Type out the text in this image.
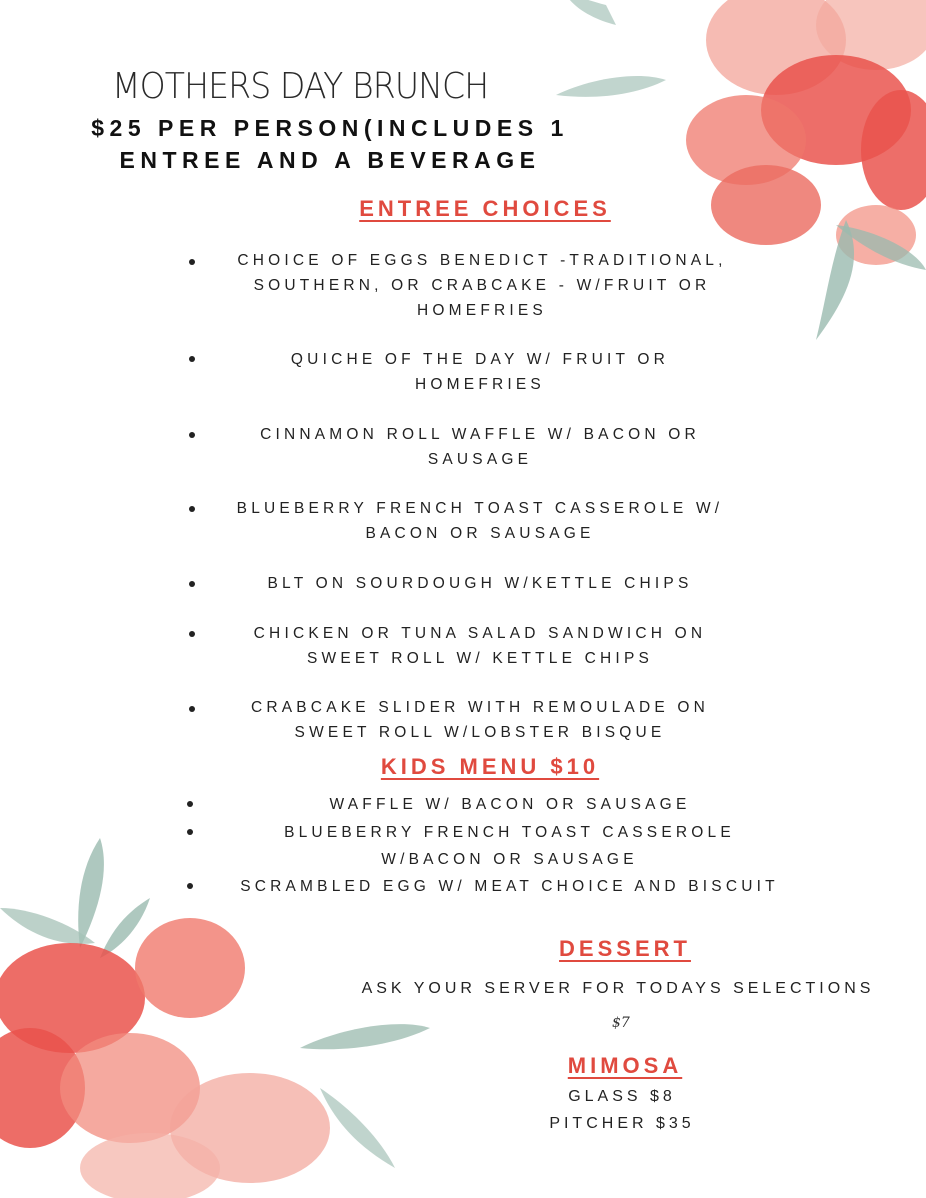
MOTHERS DAY BRUNCH
$25 PER PERSON(INCLUDES 1 ENTREE AND A BEVERAGE
ENTREE CHOICES
CHOICE OF EGGS BENEDICT -TRADITIONAL, SOUTHERN, OR CRABCAKE - W/FRUIT OR HOMEFRIES
QUICHE OF THE DAY W/ FRUIT OR HOMEFRIES
CINNAMON ROLL WAFFLE W/ BACON OR SAUSAGE
BLUEBERRY FRENCH TOAST CASSEROLE W/ BACON OR SAUSAGE
BLT ON SOURDOUGH W/KETTLE CHIPS
CHICKEN OR TUNA SALAD SANDWICH ON SWEET ROLL W/ KETTLE CHIPS
CRABCAKE SLIDER WITH REMOULADE ON SWEET ROLL W/LOBSTER BISQUE
KIDS MENU $10
WAFFLE W/ BACON OR SAUSAGE
BLUEBERRY FRENCH TOAST CASSEROLE W/BACON OR SAUSAGE
SCRAMBLED EGG W/ MEAT CHOICE AND BISCUIT
DESSERT
ASK YOUR SERVER FOR TODAYS SELECTIONS
$7
MIMOSA
GLASS $8
PITCHER $35
